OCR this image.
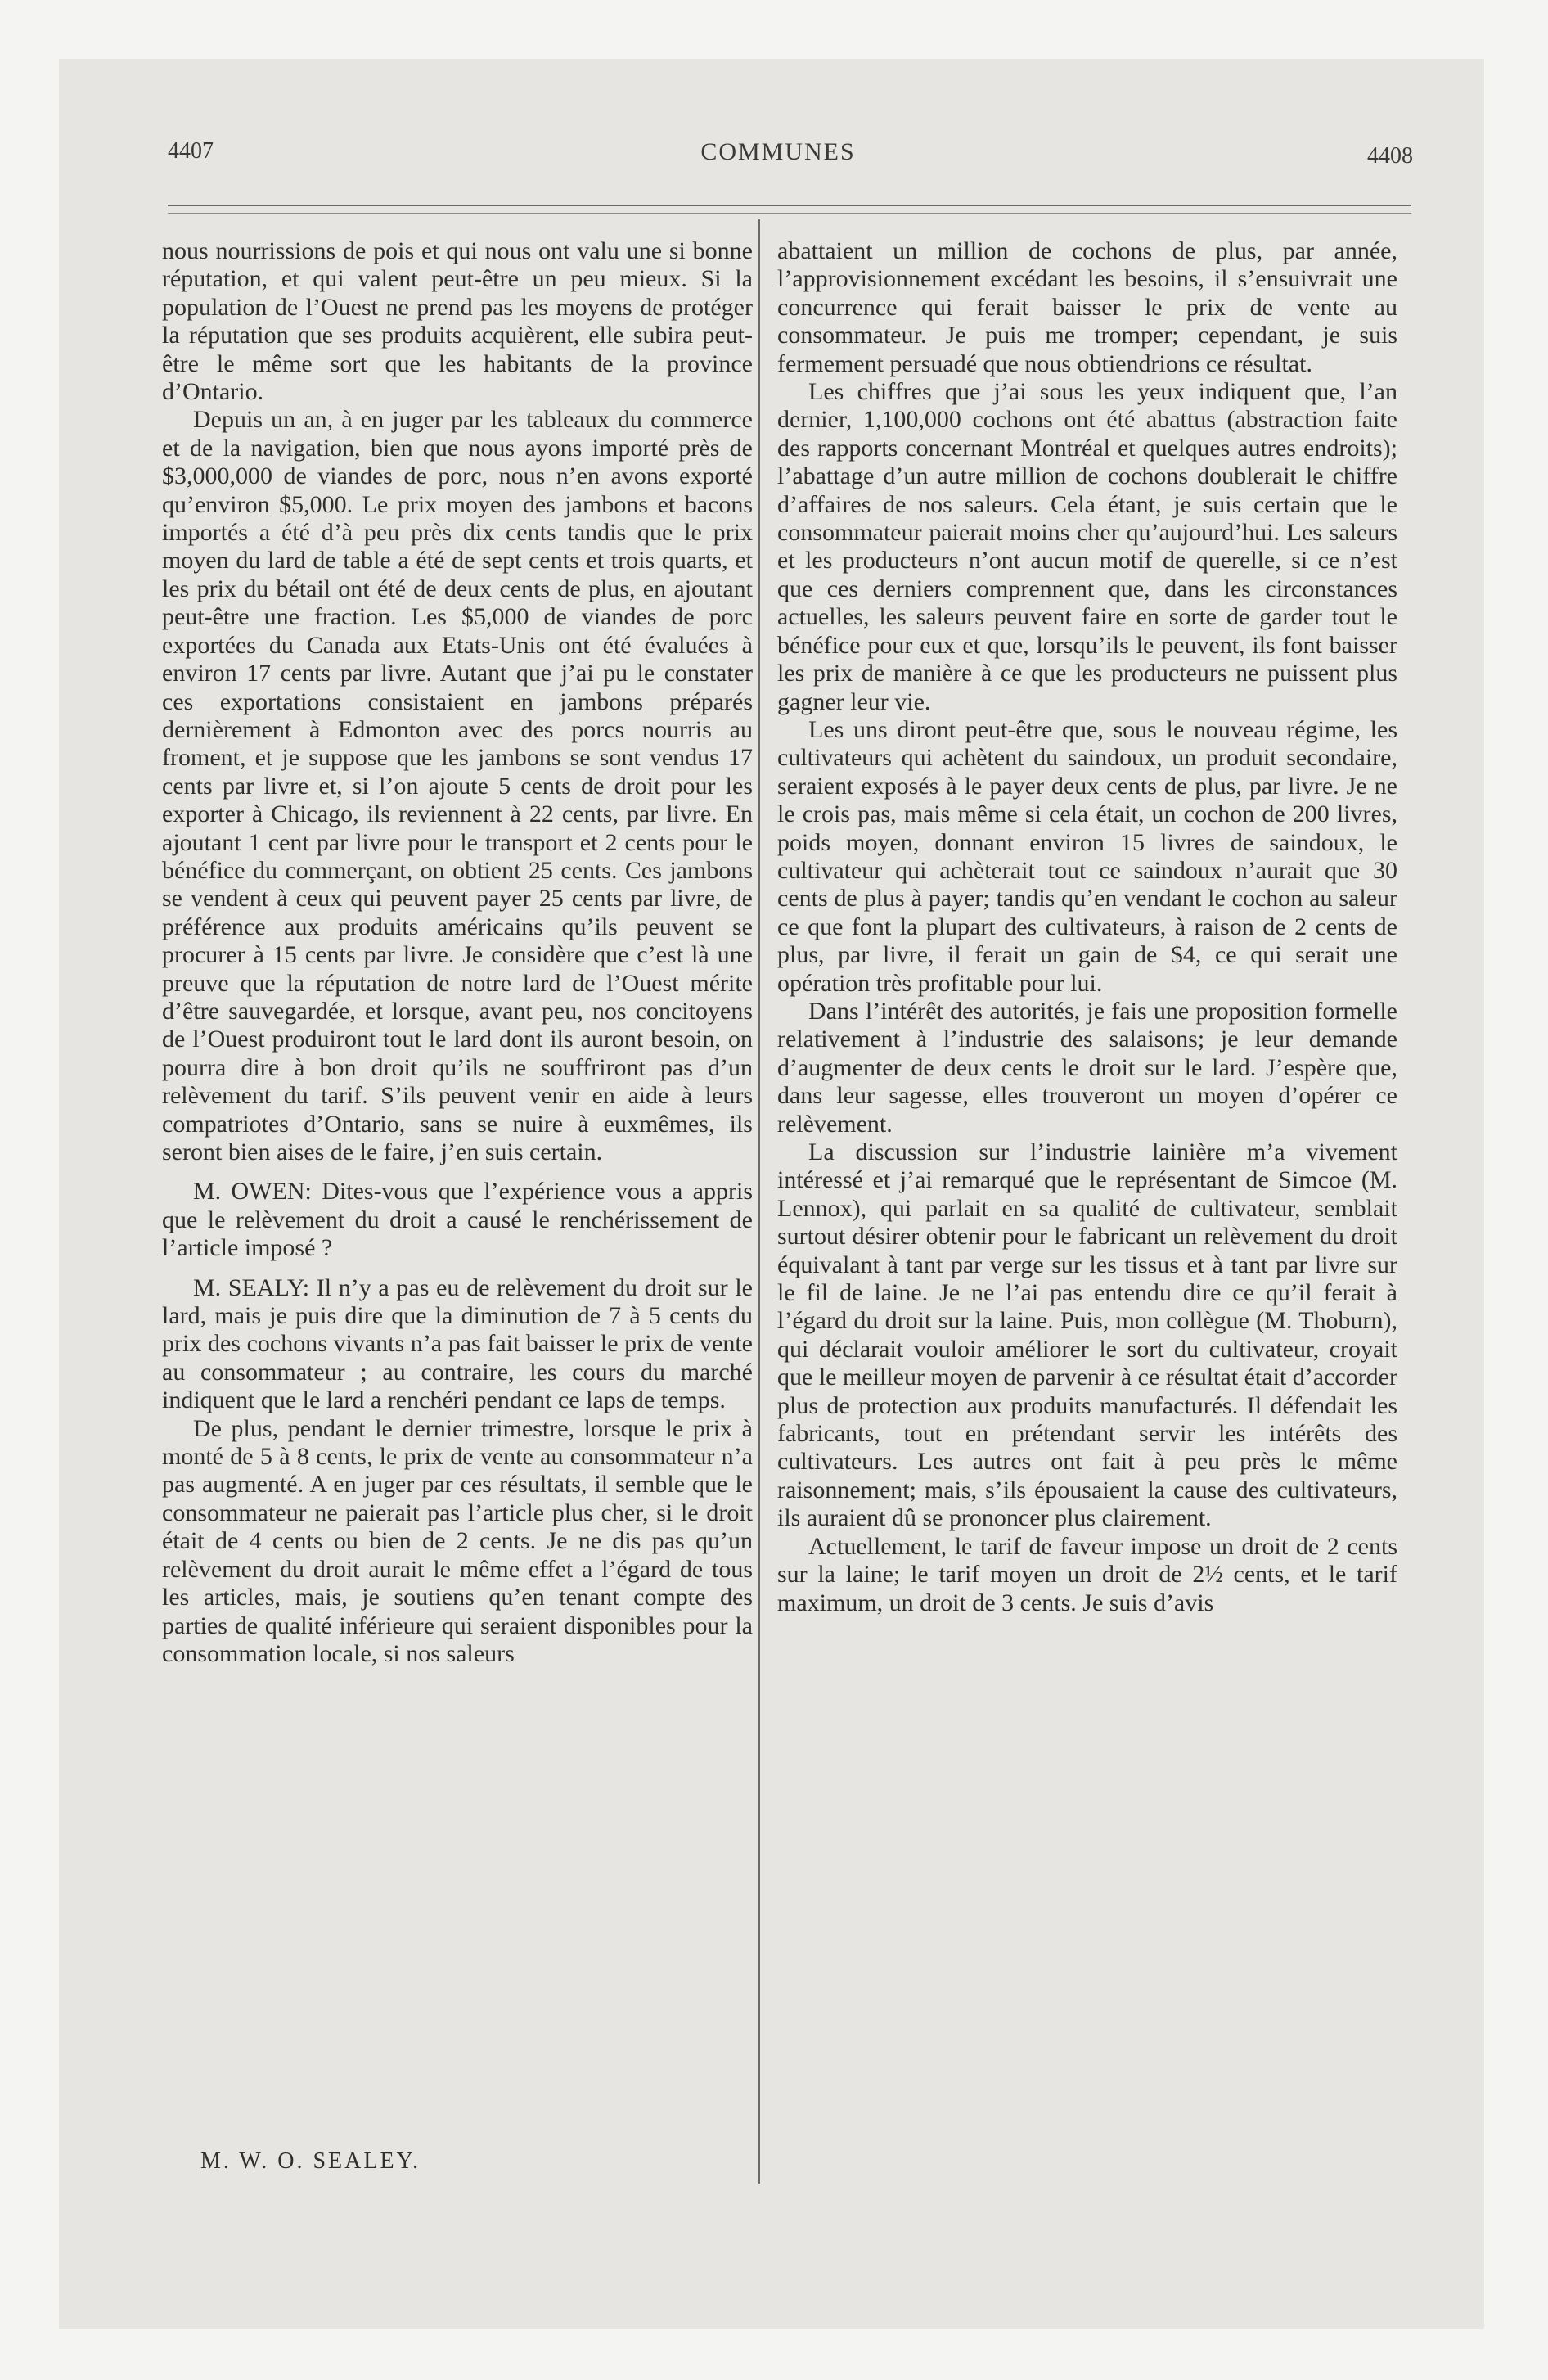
4407	COMMUNES	4408

nous nourrissions de pois et qui nous ont valu une si bonne réputation, et qui valent peut-être un peu mieux. Si la population de l’Ouest ne prend pas les moyens de protéger la réputation que ses produits acquièrent, elle subira peut-être le même sort que les habitants de la province d’Ontario.

Depuis un an, à en juger par les tableaux du commerce et de la navigation, bien que nous ayons importé près de $3,000,000 de viandes de porc, nous n’en avons exporté qu’environ $5,000. Le prix moyen des jambons et bacons importés a été d’à peu près dix cents tandis que le prix moyen du lard de table a été de sept cents et trois quarts, et les prix du bétail ont été de deux cents de plus, en ajoutant peut-être une fraction. Les $5,000 de viandes de porc exportées du Canada aux Etats-Unis ont été évaluées à environ 17 cents par livre. Autant que j’ai pu le constater ces exportations consistaient en jambons préparés dernièrement à Edmonton avec des porcs nourris au froment, et je suppose que les jambons se sont vendus 17 cents par livre et, si l’on ajoute 5 cents de droit pour les exporter à Chicago, ils reviennent à 22 cents, par livre. En ajoutant 1 cent par livre pour le transport et 2 cents pour le bénéfice du commerçant, on obtient 25 cents. Ces jambons se vendent à ceux qui peuvent payer 25 cents par livre, de préférence aux produits américains qu’ils peuvent se procurer à 15 cents par livre. Je considère que c’est là une preuve que la réputation de notre lard de l’Ouest mérite d’être sauvegardée, et lorsque, avant peu, nos concitoyens de l’Ouest produiront tout le lard dont ils auront besoin, on pourra dire à bon droit qu’ils ne souffriront pas d’un relèvement du tarif. S’ils peuvent venir en aide à leurs compatriotes d’Ontario, sans se nuire à euxmêmes, ils seront bien aises de le faire, j’en suis certain.

M. OWEN: Dites-vous que l’expérience vous a appris que le relèvement du droit a causé le renchérissement de l’article imposé ?

M. SEALY: Il n’y a pas eu de relèvement du droit sur le lard, mais je puis dire que la diminution de 7 à 5 cents du prix des cochons vivants n’a pas fait baisser le prix de vente au consommateur ; au contraire, les cours du marché indiquent que le lard a renchéri pendant ce laps de temps.

De plus, pendant le dernier trimestre, lorsque le prix à monté de 5 à 8 cents, le prix de vente au consommateur n’a pas augmenté. A en juger par ces résultats, il semble que le consommateur ne paierait pas l’article plus cher, si le droit était de 4 cents ou bien de 2 cents. Je ne dis pas qu’un relèvement du droit aurait le même effet a l’égard de tous les articles, mais, je soutiens qu’en tenant compte des parties de qualité inférieure qui seraient disponibles pour la consommation locale, si nos saleurs

M. W. O. SEALEY.

abattaient un million de cochons de plus, par année, l’approvisionnement excédant les besoins, il s’ensuivrait une concurrence qui ferait baisser le prix de vente au consommateur. Je puis me tromper; cependant, je suis fermement persuadé que nous obtiendrions ce résultat.

Les chiffres que j’ai sous les yeux indiquent que, l’an dernier, 1,100,000 cochons ont été abattus (abstraction faite des rapports concernant Montréal et quelques autres endroits); l’abattage d’un autre million de cochons doublerait le chiffre d’affaires de nos saleurs. Cela étant, je suis certain que le consommateur paierait moins cher qu’aujourd’hui. Les saleurs et les producteurs n’ont aucun motif de querelle, si ce n’est que ces derniers comprennent que, dans les circonstances actuelles, les saleurs peuvent faire en sorte de garder tout le bénéfice pour eux et que, lorsqu’ils le peuvent, ils font baisser les prix de manière à ce que les producteurs ne puissent plus gagner leur vie.

Les uns diront peut-être que, sous le nouveau régime, les cultivateurs qui achètent du saindoux, un produit secondaire, seraient exposés à le payer deux cents de plus, par livre. Je ne le crois pas, mais même si cela était, un cochon de 200 livres, poids moyen, donnant environ 15 livres de saindoux, le cultivateur qui achèterait tout ce saindoux n’aurait que 30 cents de plus à payer; tandis qu’en vendant le cochon au saleur ce que font la plupart des cultivateurs, à raison de 2 cents de plus, par livre, il ferait un gain de $4, ce qui serait une opération très profitable pour lui.

Dans l’intérêt des autorités, je fais une proposition formelle relativement à l’industrie des salaisons; je leur demande d’augmenter de deux cents le droit sur le lard. J’espère que, dans leur sagesse, elles trouveront un moyen d’opérer ce relèvement.

La discussion sur l’industrie lainière m’a vivement intéressé et j’ai remarqué que le représentant de Simcoe (M. Lennox), qui parlait en sa qualité de cultivateur, semblait surtout désirer obtenir pour le fabricant un relèvement du droit équivalant à tant par verge sur les tissus et à tant par livre sur le fil de laine. Je ne l’ai pas entendu dire ce qu’il ferait à l’égard du droit sur la laine. Puis, mon collègue (M. Thoburn), qui déclarait vouloir améliorer le sort du cultivateur, croyait que le meilleur moyen de parvenir à ce résultat était d’accorder plus de protection aux produits manufacturés. Il défendait les fabricants, tout en prétendant servir les intérêts des cultivateurs. Les autres ont fait à peu près le même raisonnement; mais, s’ils épousaient la cause des cultivateurs, ils auraient dû se prononcer plus clairement.

Actuellement, le tarif de faveur impose un droit de 2 cents sur la laine; le tarif moyen un droit de 2½ cents, et le tarif maximum, un droit de 3 cents. Je suis d’avis
